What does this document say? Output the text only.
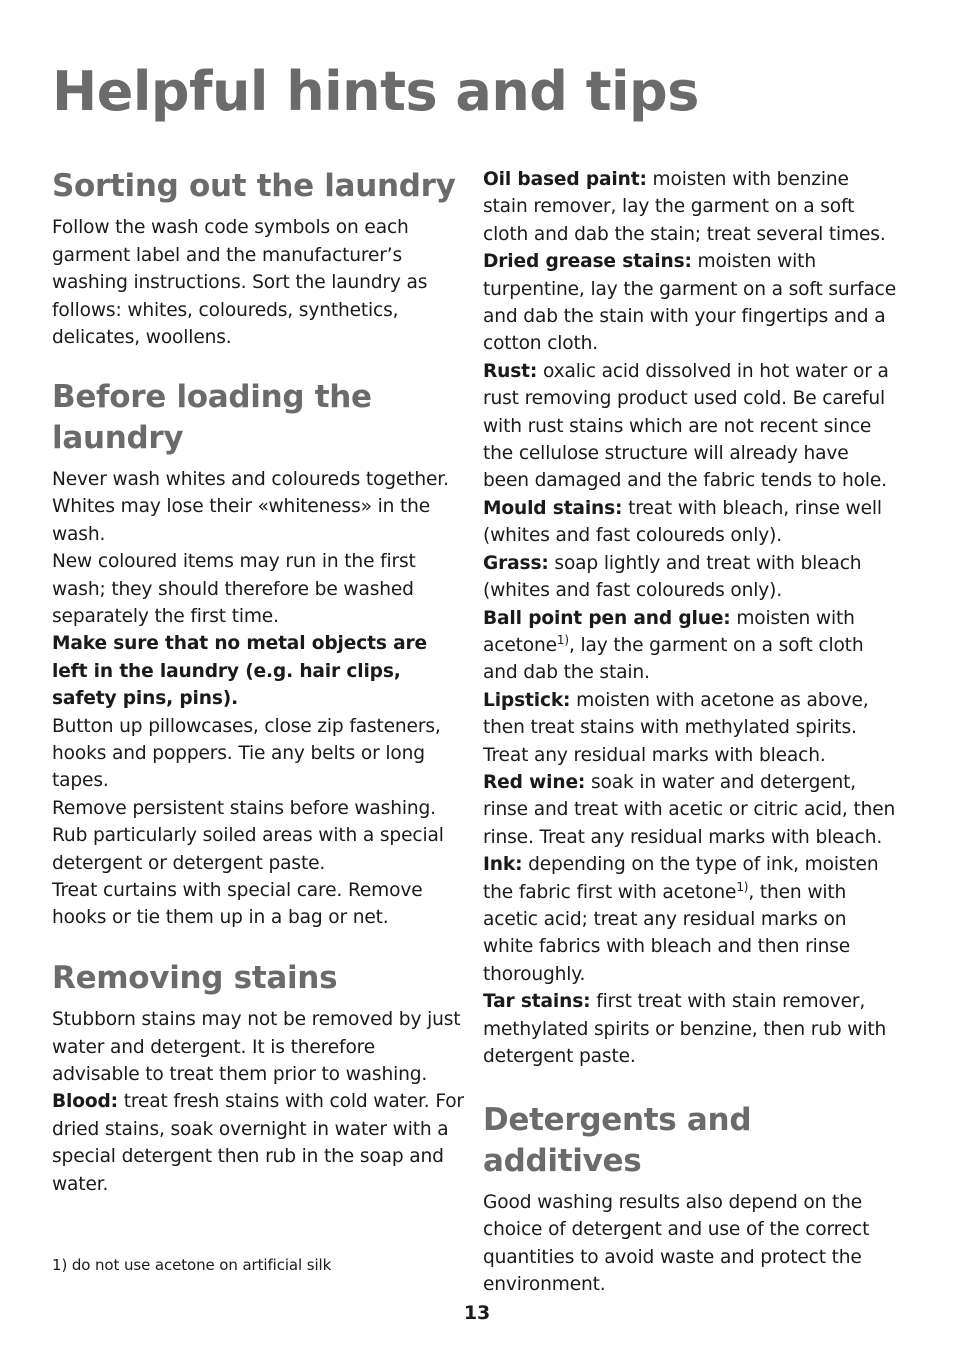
Helpful hints and tips
Sorting out the laundry

Follow the wash code symbols on each garment label and the manufacturer’s washing instructions. Sort the laundry as follows: whites, coloureds, synthetics, delicates, woollens.

Before loading the laundry

Never wash whites and coloureds together. Whites may lose their «whiteness» in the wash.

New coloured items may run in the first wash; they should therefore be washed separately the first time.

Make sure that no metal objects are left in the laundry (e.g. hair clips, safety pins, pins).

Button up pillowcases, close zip fasteners, hooks and poppers. Tie any belts or long tapes.

Remove persistent stains before washing. Rub particularly soiled areas with a special detergent or detergent paste.

Treat curtains with special care. Remove hooks or tie them up in a bag or net.

Removing stains

Stubborn stains may not be removed by just water and detergent. It is therefore advisable to treat them prior to washing.

Blood: treat fresh stains with cold water. For dried stains, soak overnight in water with a special detergent then rub in the soap and water.

Oil based paint: moisten with benzine stain remover, lay the garment on a soft cloth and dab the stain; treat several times.

Dried grease stains: moisten with turpentine, lay the garment on a soft surface and dab the stain with your fingertips and a cotton cloth.

Rust: oxalic acid dissolved in hot water or a rust removing product used cold. Be careful with rust stains which are not recent since the cellulose structure will already have been damaged and the fabric tends to hole.

Mould stains: treat with bleach, rinse well (whites and fast coloureds only).

Grass: soap lightly and treat with bleach (whites and fast coloureds only).

Ball point pen and glue: moisten with acetone$^{1)}$, lay the garment on a soft cloth and dab the stain.

Lipstick: moisten with acetone as above, then treat stains with methylated spirits. Treat any residual marks with bleach.

Red wine: soak in water and detergent, rinse and treat with acetic or citric acid, then rinse. Treat any residual marks with bleach.

Ink: depending on the type of ink, moisten the fabric first with acetone$^{1)}$, then with acetic acid; treat any residual marks on white fabrics with bleach and then rinse thoroughly.

Tar stains: first treat with stain remover, methylated spirits or benzine, then rub with detergent paste.

Detergents and additives

Good washing results also depend on the choice of detergent and use of the correct quantities to avoid waste and protect the environment.

1) do not use acetone on artificial silk

13
